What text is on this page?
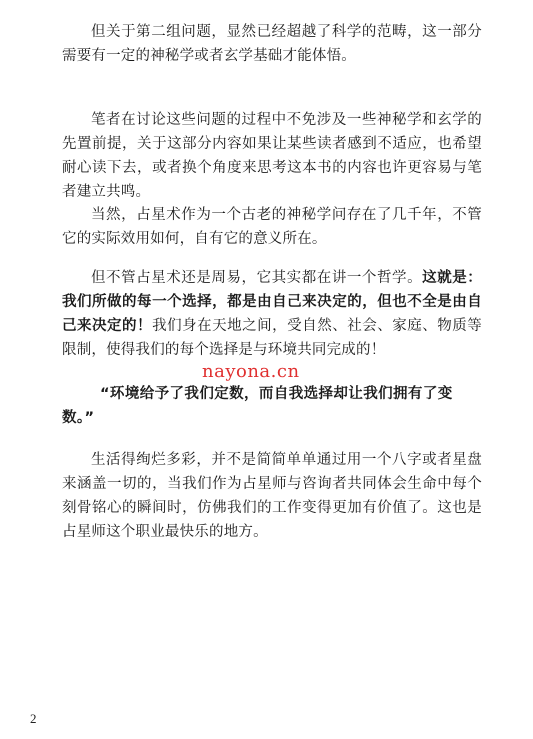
但关于第二组问题，显然已经超越了科学的范畴，这一部分需要有一定的神秘学或者玄学基础才能体悟。

笔者在讨论这些问题的过程中不免涉及一些神秘学和玄学的先置前提，关于这部分内容如果让某些读者感到不适应，也希望耐心读下去，或者换个角度来思考这本书的内容也许更容易与笔者建立共鸣。

当然，占星术作为一个古老的神秘学问存在了几千年，不管它的实际效用如何，自有它的意义所在。

但不管占星术还是周易，它其实都在讲一个哲学。这就是：我们所做的每一个选择，都是由自己来决定的，但也不全是由自己来决定的！我们身在天地之间，受自然、社会、家庭、物质等限制，使得我们的每个选择是与环境共同完成的！

nayona.cn

“环境给予了我们定数，而自我选择却让我们拥有了变数。”

生活得绚烂多彩，并不是简简单单通过用一个八字或者星盘来涵盖一切的，当我们作为占星师与咨询者共同体会生命中每个刻骨铭心的瞬间时，仿佛我们的工作变得更加有价值了。这也是占星师这个职业最快乐的地方。

2
